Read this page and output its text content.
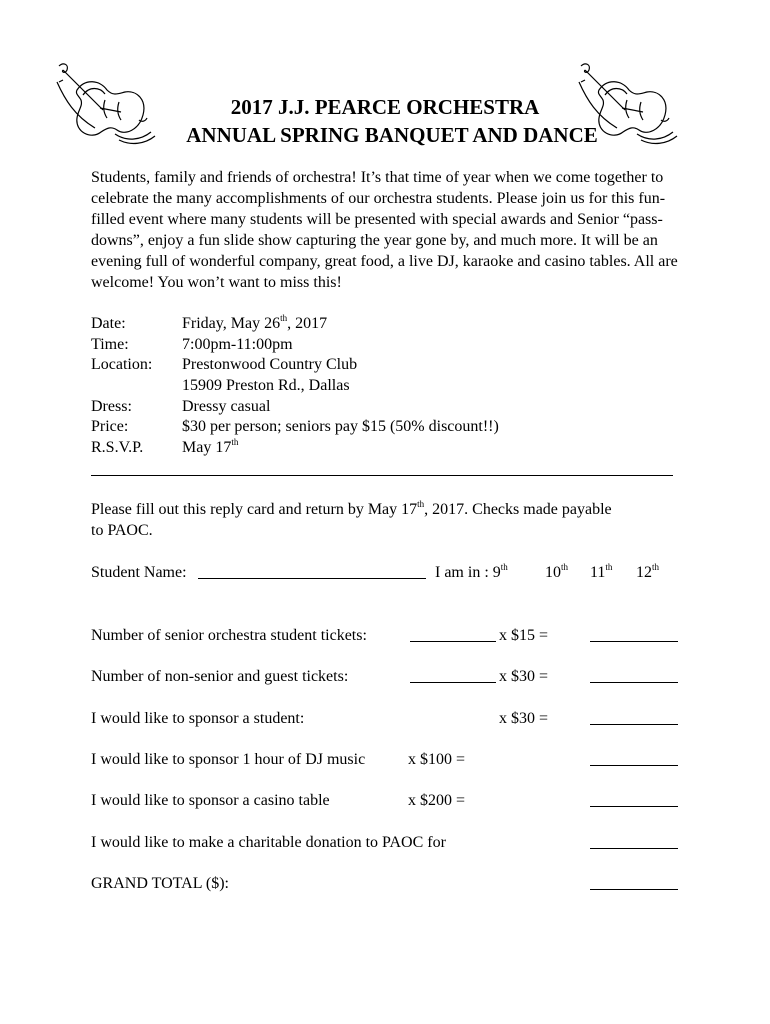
2017 J.J. PEARCE ORCHESTRA
ANNUAL SPRING BANQUET AND DANCE

Students, family and friends of orchestra! It’s that time of year when we come together to celebrate the many accomplishments of our orchestra students. Please join us for this fun-filled event where many students will be presented with special awards and Senior “pass-downs”, enjoy a fun slide show capturing the year gone by, and much more. It will be an evening full of wonderful company, great food, a live DJ, karaoke and casino tables. All are welcome! You won’t want to miss this!

Date:	Friday, May 26th, 2017
Time:	7:00pm-11:00pm
Location: Prestonwood Country Club
15909 Preston Rd., Dallas
Dress:	Dressy casual
Price:	$30 per person; seniors pay $15 (50% discount!!)
R.S.V.P. May 17th
Please fill out this reply card and return by May 17th, 2017. Checks made payable
to PAOC.
Student Name:	I am in : 9th 10th 11th 12th
Number of senior orchestra student tickets:	x $15 =
Number of non-senior and guest tickets:	x $30 =
I would like to sponsor a student:	x $30 =
I would like to sponsor 1 hour of DJ music	x $100 =
I would like to sponsor a casino table	x $200 =
I would like to make a charitable donation to PAOC for
GRAND TOTAL ($):
